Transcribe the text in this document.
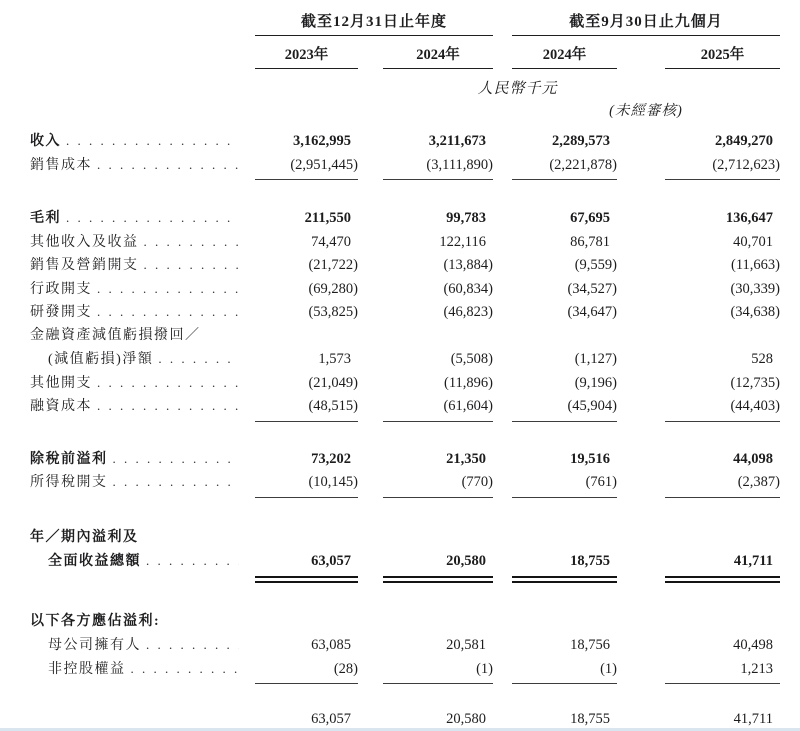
截至12月31日止年度	截至9月30日止九個月
2023年	2024年	2024年	2025年
人民幣千元
(未經審核)
收入 . . .	3,162,995	3,211,673	2,289,573	2,849,270
銷售成本 . . .	(2,951,445)	(3,111,890)	(2,221,878)	(2,712,623)
毛利 . . .	211,550	99,783	67,695	136,647
其他收入及收益 . . .	74,470	122,116	86,781	40,701
銷售及營銷開支 . . .	(21,722)	(13,884)	(9,559)	(11,663)
行政開支 . . .	(69,280)	(60,834)	(34,527)	(30,339)
研發開支 . . .	(53,825)	(46,823)	(34,647)	(34,638)
金融資產減值虧損撥回／
(減值虧損)淨額 . . .	1,573	(5,508)	(1,127)	528
其他開支 . . .	(21,049)	(11,896)	(9,196)	(12,735)
融資成本 . . .	(48,515)	(61,604)	(45,904)	(44,403)
除稅前溢利 . . .	73,202	21,350	19,516	44,098
所得稅開支 . . .	(10,145)	(770)	(761)	(2,387)
年／期內溢利及
全面收益總額 . . .	63,057	20,580	18,755	41,711
以下各方應佔溢利:
母公司擁有人 . . .	63,085	20,581	18,756	40,498
非控股權益 . . .	(28)	(1)	(1)	1,213
63,057	20,580	18,755	41,711
